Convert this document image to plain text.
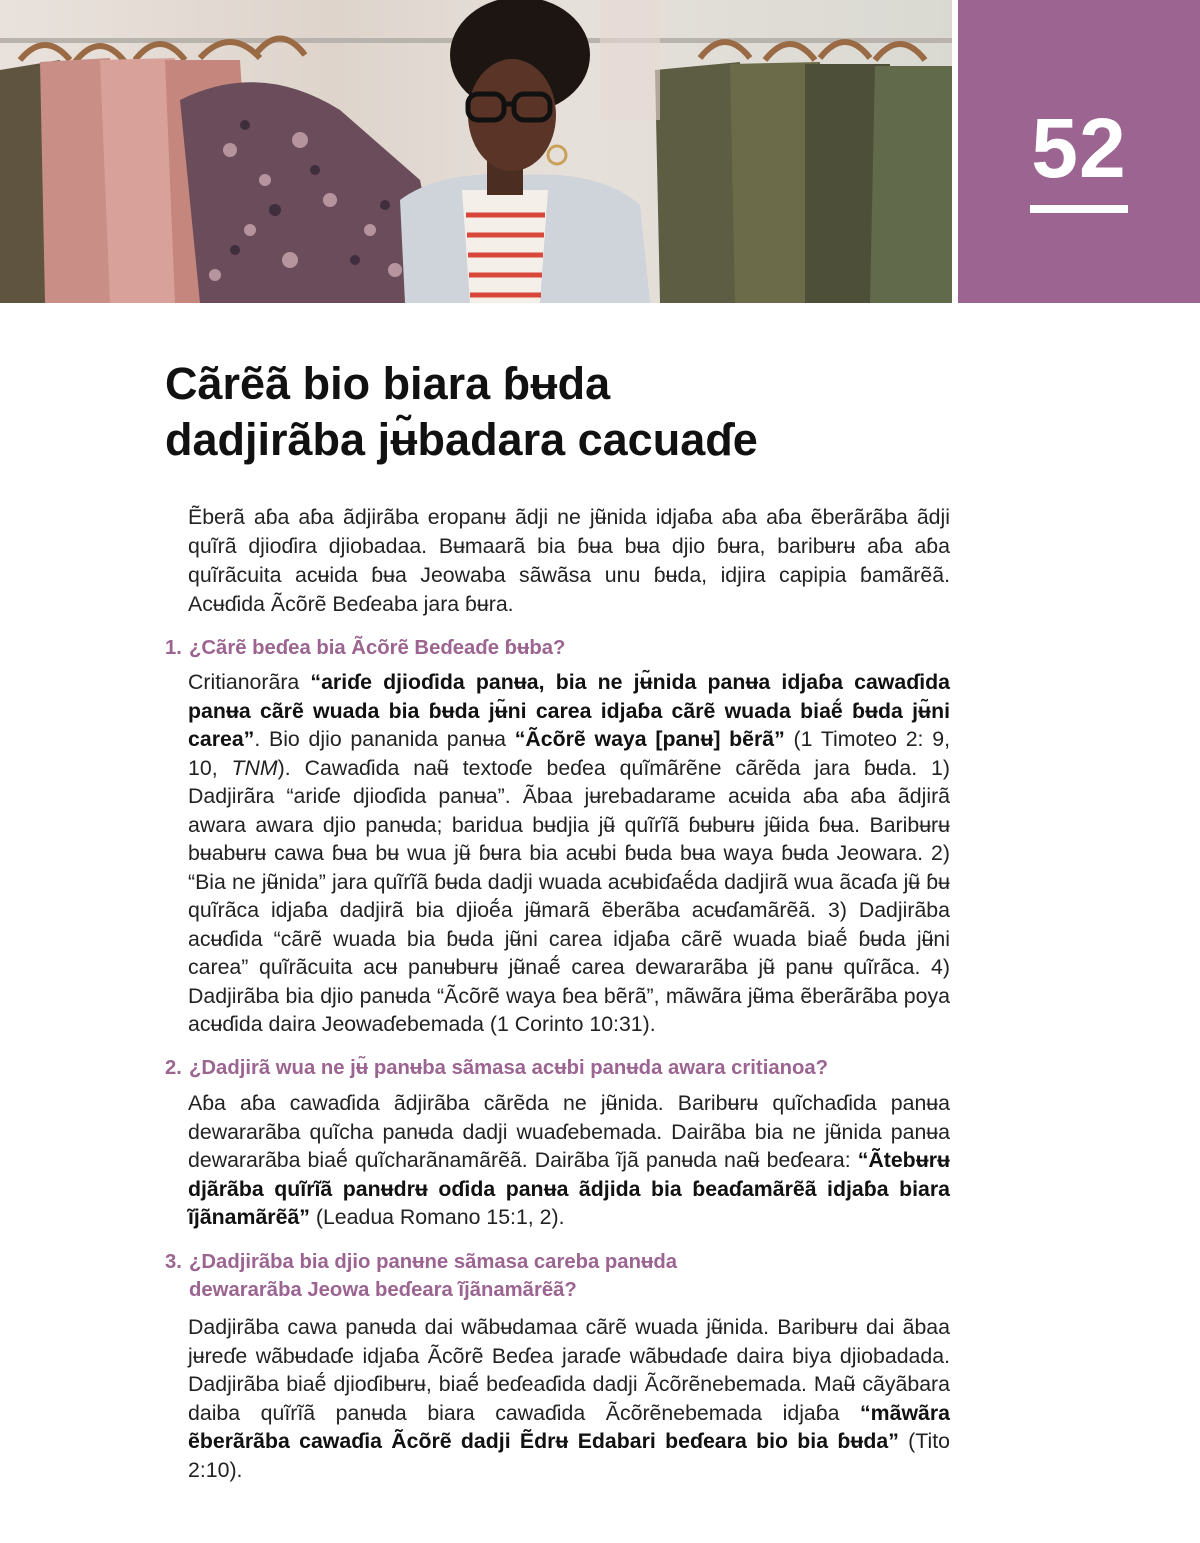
52
Cãrẽã bio biara ɓʉda
dadjirãba jʉ̃badara cacuaɗe

Ẽberã aɓa aɓa ãdjirãba eropanʉ ãdji ne jʉ̃nida idjaɓa aɓa aɓa ẽberãrãba ãdji quĩrã djioɗira djiobadaa. Bʉmaarã bia ɓʉa bʉa djio ɓʉra, baribʉrʉ aɓa aɓa quĩrãcuita acʉida ɓʉa Jeowaba sãwãsa unu ɓʉda, idjira capipia ɓamãrẽã. Acʉɗida Ãcõrẽ Beɗeaba jara ɓʉra.

1. ¿Cãrẽ beɗea bia Ãcõrẽ Beɗeaɗe ɓʉba?

Critianorãra “ariɗe djioɗida panʉa, bia ne jʉ̃nida panʉa idjaɓa cawaɗida panʉa cãrẽ wuada bia ɓʉda jʉ̃ni carea idjaɓa cãrẽ wuada biaẽ́ ɓʉda jʉ̃ni carea”. Bio djio pananida panʉa “Ãcõrẽ waya [panʉ] bẽrã” (1 Timoteo 2: 9, 10, TNM). Cawaɗida naʉ̃ textoɗe beɗea quĩmãrẽne cãrẽda jara ɓʉda. 1) Dadjirãra “ariɗe djioɗida panʉa”. Ãbaa jʉrebadarame acʉida aɓa aɓa ãdjirã awara awara djio panʉda; baridua bʉdjia jʉ̃ quĩrĩã ɓʉbʉrʉ jʉ̃ida ɓʉa. Baribʉrʉ bʉabʉrʉ cawa ɓʉa bʉ wua jʉ̃ ɓʉra bia acʉbi ɓʉda bʉa waya ɓʉda Jeowara. 2) “Bia ne jʉ̃nida” jara quĩrĩã ɓʉda dadji wuada acʉbiɗaẽ́da dadjirã wua ãcaɗa jʉ̃ ɓʉ quĩrãca idjaɓa dadjirã bia djioẽ́a jʉ̃marã ẽberãba acʉɗamãrẽã. 3) Dadjirãba acʉɗida “cãrẽ wuada bia ɓʉda jʉ̃ni carea idjaɓa cãrẽ wuada biaẽ́ ɓʉda jʉ̃ni carea” quĩrãcuita acʉ panʉbʉrʉ jʉ̃naẽ́ carea dewararãba jʉ̃ panʉ quĩrãca. 4) Dadjirãba bia djio panʉda “Ãcõrẽ waya ɓea bẽrã”, mãwãra jʉ̃ma ẽberãrãba poya acʉɗida daira Jeowaɗebemada (1 Corinto 10:31).

2. ¿Dadjirã wua ne jʉ̃ panʉba sãmasa acʉbi panʉda awara critianoa?

Aɓa aɓa cawaɗida ãdjirãba cãrẽda ne jʉ̃nida. Baribʉrʉ quĩchaɗida panʉa dewararãba quĩcha panʉda dadji wuaɗebemada. Dairãba bia ne jʉ̃nida panʉa dewararãba biaẽ́ quĩcharãnamãrẽã. Dairãba ĩjã panʉda naʉ̃ beɗeara: “Ãtebʉrʉ djãrãba quĩrĩã panʉdrʉ oɗida panʉa ãdjida bia ɓeaɗamãrẽã idjaɓa biara ĩjãnamãrẽã” (Leadua Romano 15:1, 2).

3. ¿Dadjirãba bia djio panʉne sãmasa careba panʉda
dewararãba Jeowa beɗeara ĩjãnamãrẽã?

Dadjirãba cawa panʉda dai wãbʉdamaa cãrẽ wuada jʉ̃nida. Baribʉrʉ dai ãbaa jʉreɗe wãbʉdaɗe idjaɓa Ãcõrẽ Beɗea jaraɗe wãbʉdaɗe daira biya djiobadada. Dadjirãba biaẽ́ djioɗibʉrʉ, biaẽ́ beɗeaɗida dadji Ãcõrẽnebemada. Maʉ̃ cãyãbara daiba quĩrĩã panʉda biara cawaɗida Ãcõrẽnebemada idjaɓa “mãwãra ẽberãrãba cawaɗia Ãcõrẽ dadji Ẽdrʉ Edabari beɗeara bio bia ɓʉda” (Tito 2:10).
